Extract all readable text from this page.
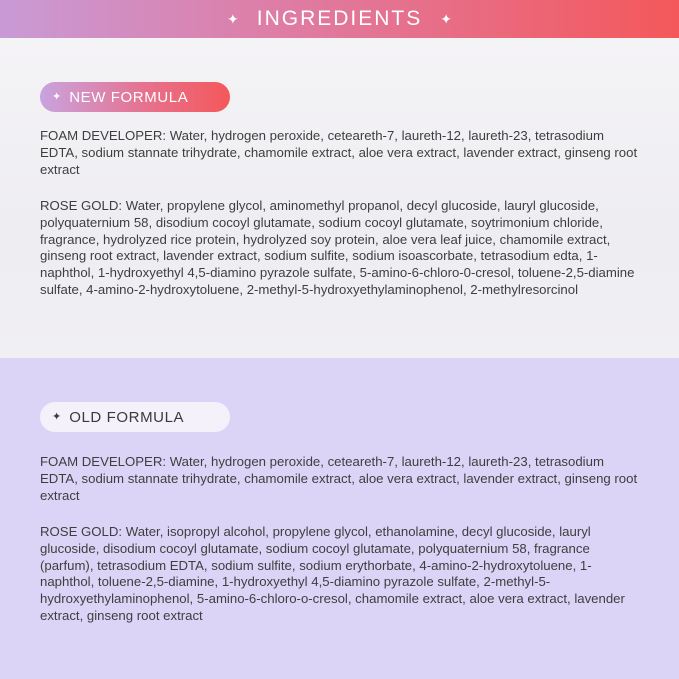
✦ INGREDIENTS ✦
✦ NEW FORMULA
FOAM DEVELOPER: Water, hydrogen peroxide, ceteareth-7, laureth-12, laureth-23, tetrasodium EDTA, sodium stannate trihydrate, chamomile extract, aloe vera extract, lavender extract, ginseng root extract
ROSE GOLD: Water, propylene glycol, aminomethyl propanol, decyl glucoside, lauryl glucoside, polyquaternium 58, disodium cocoyl glutamate, sodium cocoyl glutamate, soytrimonium chloride, fragrance, hydrolyzed rice protein, hydrolyzed soy protein, aloe vera leaf juice, chamomile extract, ginseng root extract, lavender extract, sodium sulfite, sodium isoascorbate, tetrasodium edta, 1-naphthol, 1-hydroxyethyl 4,5-diamino pyrazole sulfate, 5-amino-6-chloro-0-cresol, toluene-2,5-diamine sulfate, 4-amino-2-hydroxytoluene, 2-methyl-5-hydroxyethylaminophenol, 2-methylresorcinol
✦ OLD FORMULA
FOAM DEVELOPER: Water, hydrogen peroxide, ceteareth-7, laureth-12, laureth-23, tetrasodium EDTA, sodium stannate trihydrate, chamomile extract, aloe vera extract, lavender extract, ginseng root extract
ROSE GOLD: Water, isopropyl alcohol, propylene glycol, ethanolamine, decyl glucoside, lauryl glucoside, disodium cocoyl glutamate, sodium cocoyl glutamate, polyquaternium 58, fragrance (parfum), tetrasodium EDTA, sodium sulfite, sodium erythorbate, 4-amino-2-hydroxytoluene, 1-naphthol, toluene-2,5-diamine, 1-hydroxyethyl 4,5-diamino pyrazole sulfate, 2-methyl-5-hydroxyethylaminophenol, 5-amino-6-chloro-o-cresol, chamomile extract, aloe vera extract, lavender extract, ginseng root extract
